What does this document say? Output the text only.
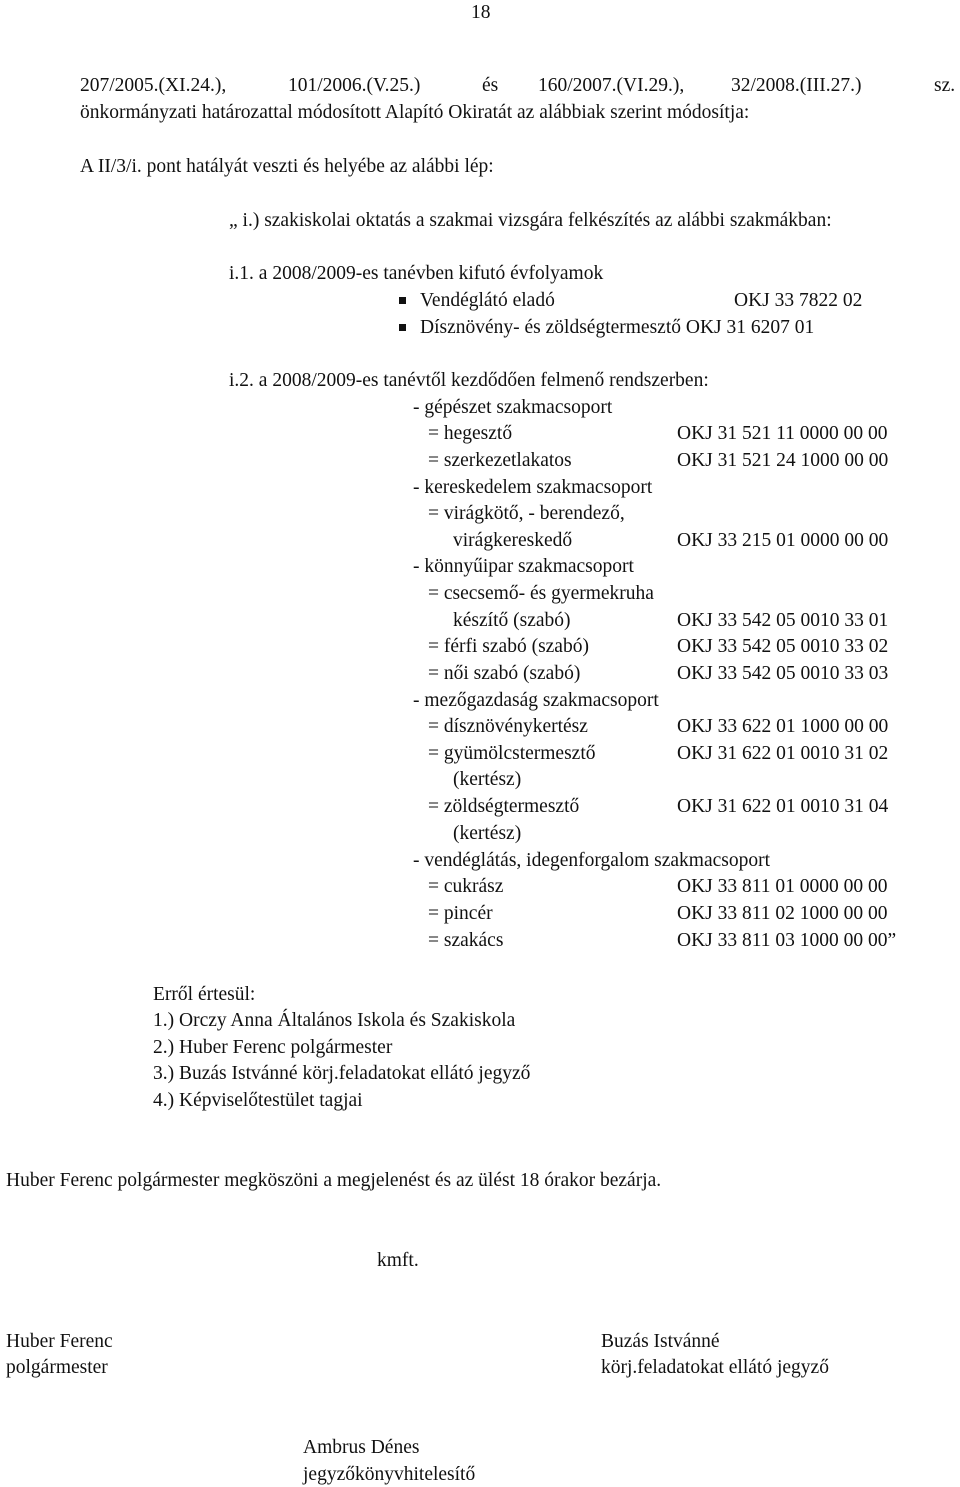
18
207/2005.(XI.24.),	101/2006.(V.25.)	és 160/2007.(VI.29.), 32/2008.(III.27.)	sz.
önkormányzati határozattal módosított Alapító Okiratát az alábbiak szerint módosítja:
A II/3/i. pont hatályát veszti és helyébe az alábbi lép:
„ i.) szakiskolai oktatás a szakmai vizsgára felkészítés az alábbi szakmákban:
i.1. a 2008/2009-es tanévben kifutó évfolyamok
Vendéglátó eladó	OKJ 33 7822 02
Dísznövény- és zöldségtermesztő OKJ 31 6207 01
i.2. a 2008/2009-es tanévtől kezdődően felmenő rendszerben:
- gépészet szakmacsoport
= hegesztő	OKJ 31 521 11 0000 00 00
= szerkezetlakatos	OKJ 31 521 24 1000 00 00
- kereskedelem szakmacsoport
= virágkötő, - berendező,
virágkereskedő	OKJ 33 215 01 0000 00 00
- könnyűipar szakmacsoport
= csecsemő- és gyermekruha
készítő (szabó)	OKJ 33 542 05 0010 33 01
= férfi szabó (szabó)	OKJ 33 542 05 0010 33 02
= női szabó (szabó)	OKJ 33 542 05 0010 33 03
- mezőgazdaság szakmacsoport
= dísznövénykertész	OKJ 33 622 01 1000 00 00
= gyümölcstermesztő	OKJ 31 622 01 0010 31 02
(kertész)
= zöldségtermesztő	OKJ 31 622 01 0010 31 04
(kertész)
- vendéglátás, idegenforgalom szakmacsoport
= cukrász	OKJ 33 811 01 0000 00 00
= pincér	OKJ 33 811 02 1000 00 00
= szakács	OKJ 33 811 03 1000 00 00”
Erről értesül:
1.) Orczy Anna Általános Iskola és Szakiskola
2.) Huber Ferenc polgármester
3.) Buzás Istvánné körj.feladatokat ellátó jegyző
4.) Képviselőtestület tagjai
Huber Ferenc polgármester megköszöni a megjelenést és az ülést 18 órakor bezárja.
kmft.
Huber Ferenc
polgármester
Buzás Istvánné
körj.feladatokat ellátó jegyző
Ambrus Dénes
jegyzőkönyvhitelesítő
